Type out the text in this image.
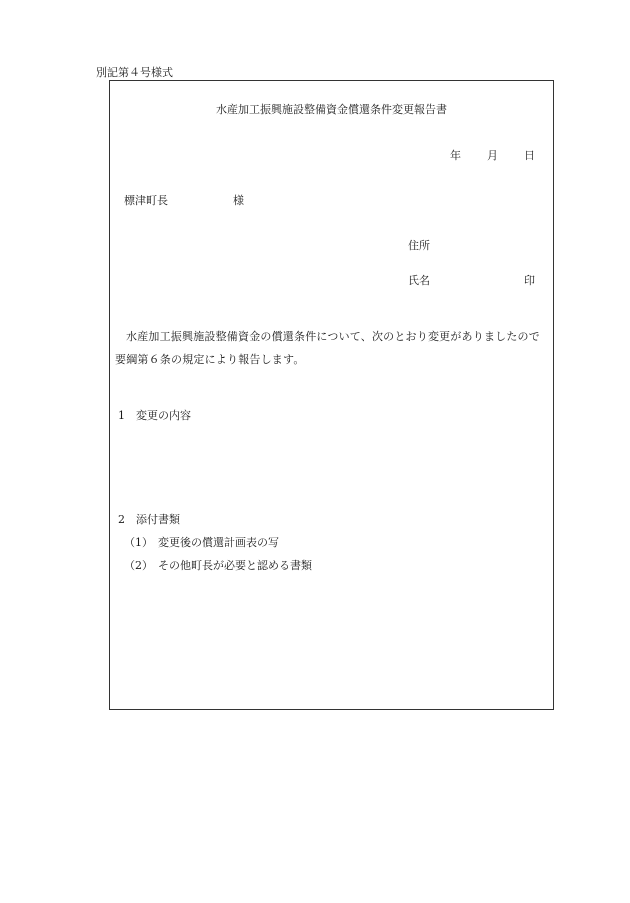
別記第４号様式
水産加工振興施設整備資金償還条件変更報告書
年 月 日
標津町長	様
住所
氏名	印
水産加工振興施設整備資金の償還条件について、次のとおり変更がありましたので要綱第６条の規定により報告します。
1 変更の内容
2 添付書類
（1） 変更後の償還計画表の写
（2） その他町長が必要と認める書類
